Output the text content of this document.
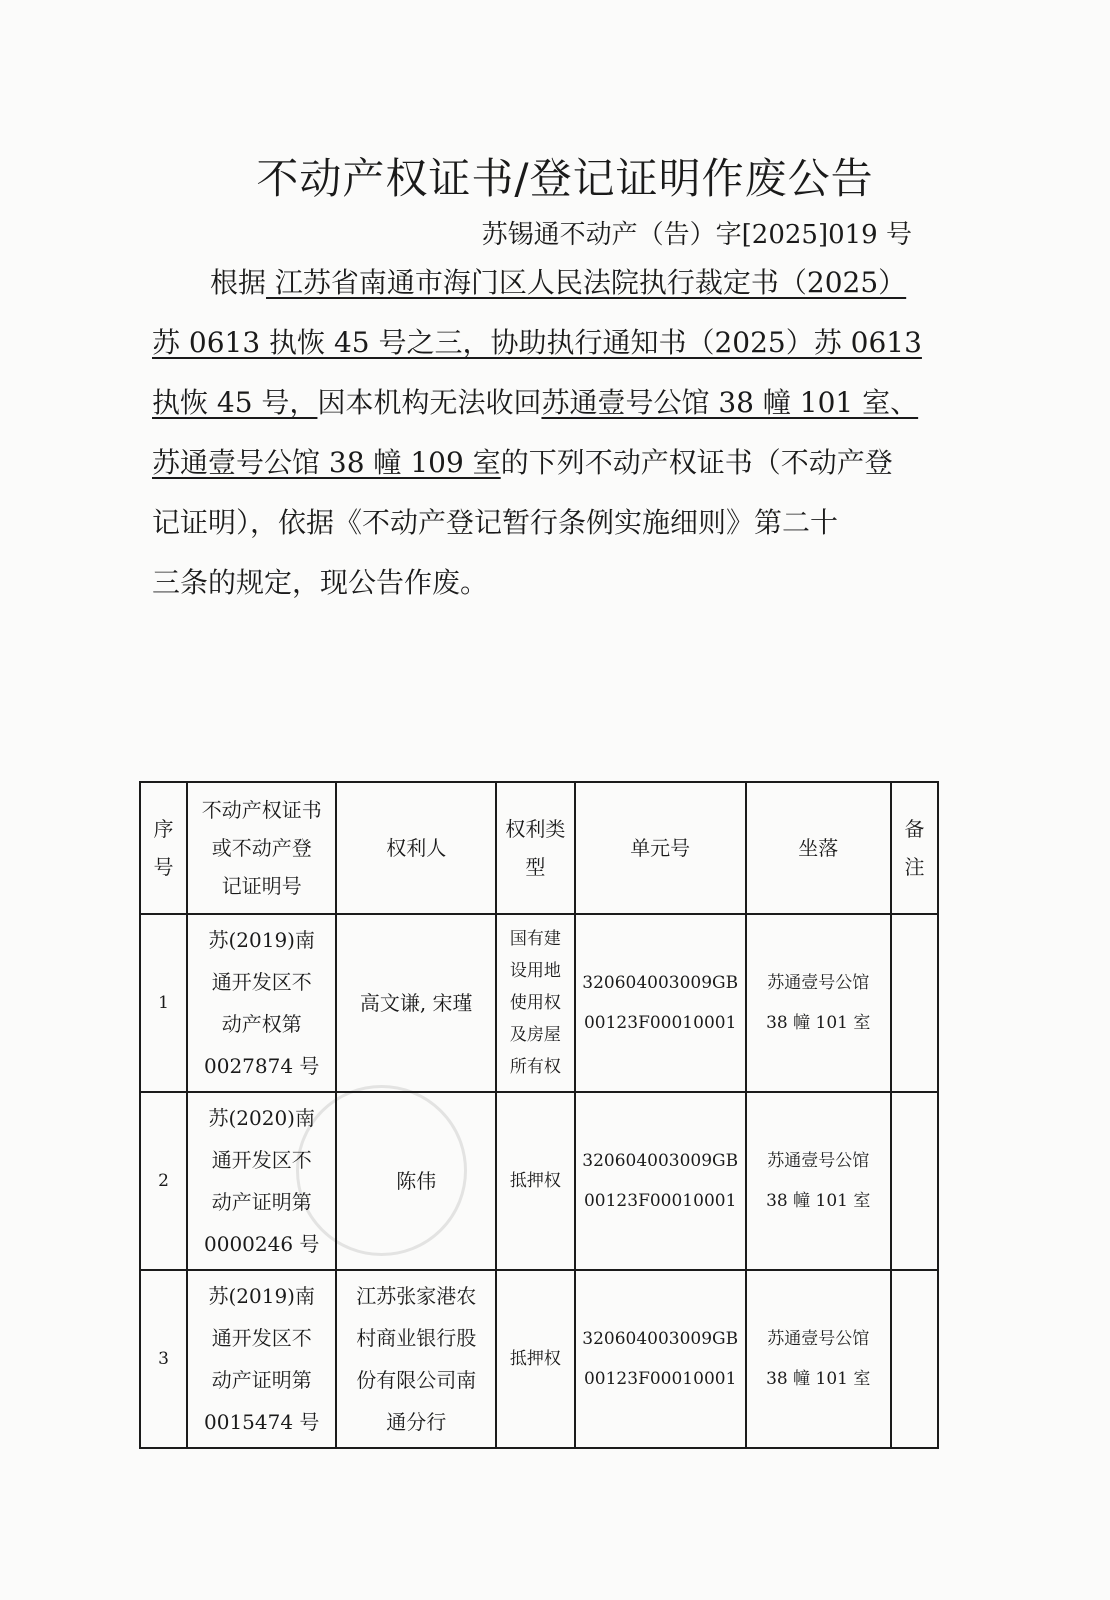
不动产权证书/登记证明作废公告
苏锡通不动产（告）字[2025]019 号
根据 江苏省南通市海门区人民法院执行裁定书（2025）
苏 0613 执恢 45 号之三，协助执行通知书（2025）苏 0613
执恢 45 号，因本机构无法收回苏通壹号公馆 38 幢 101 室、
苏通壹号公馆 38 幢 109 室的下列不动产权证书（不动产登
记证明），依据《不动产登记暂行条例实施细则》第二十
三条的规定，现公告作废。
序号	不动产权证书
或不动产登
记证明号	权利人	权利类
型	单元号	坐落	备注
1	苏(2019)南
通开发区不
动产权第
0027874 号	高文谦, 宋瑾	国有建
设用地
使用权
及房屋
所有权	320604003009GB
00123F00010001	苏通壹号公馆
38 幢 101 室	

2	苏(2020)南
通开发区不
动产证明第
0000246 号	陈伟	抵押权	320604003009GB
00123F00010001	苏通壹号公馆
38 幢 101 室	

3	苏(2019)南
通开发区不
动产证明第
0015474 号	江苏张家港农
村商业银行股
份有限公司南
通分行	抵押权	320604003009GB
00123F00010001	苏通壹号公馆
38 幢 101 室	
